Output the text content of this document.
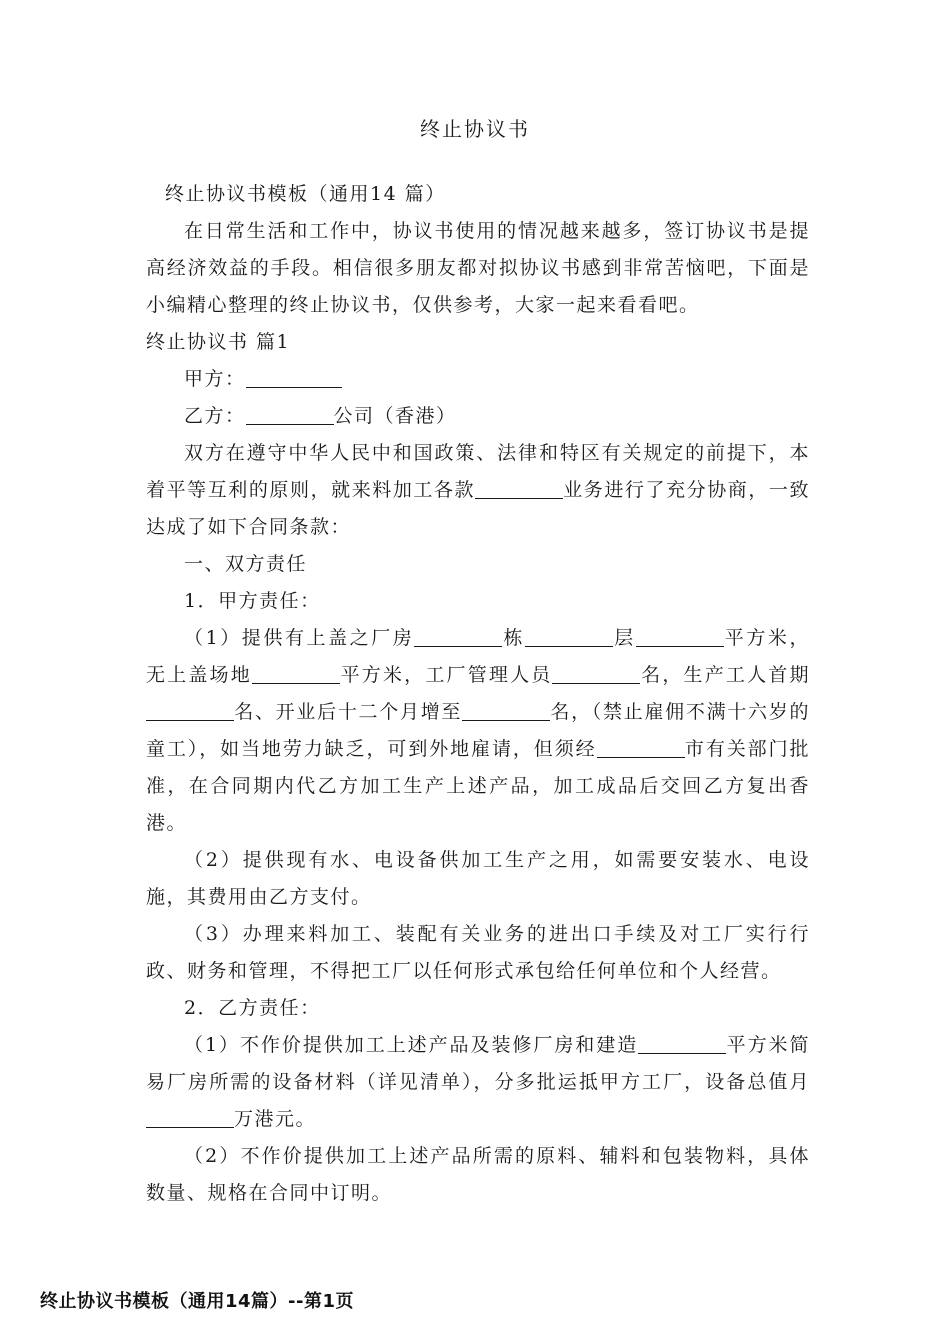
终止协议书

终止协议书模板（通用14 篇）

在日常生活和工作中，协议书使用的情况越来越多，签订协议书是提高经济效益的手段。相信很多朋友都对拟协议书感到非常苦恼吧，下面是小编精心整理的终止协议书，仅供参考，大家一起来看看吧。

终止协议书 篇1

甲方：

乙方：	公司（香港）

双方在遵守中华人民中和国政策、法律和特区有关规定的前提下，本着平等互利的原则，就来料加工各款	业务进行了充分协商，一致达成了如下合同条款：

一、双方责任

1．甲方责任：

（1）提供有上盖之厂房	栋	层	平方米，无上盖场地	平方米，工厂管理人员	名，生产工人首期名、开业后十二个月增至	名，（禁止雇佣不满十六岁的童工），如当地劳力缺乏，可到外地雇请，但须经	市有关部门批准，在合同期内代乙方加工生产上述产品，加工成品后交回乙方复出香港。

（2）提供现有水、电设备供加工生产之用，如需要安装水、电设施，其费用由乙方支付。

（3）办理来料加工、装配有关业务的进出口手续及对工厂实行行政、财务和管理，不得把工厂以任何形式承包给任何单位和个人经营。

2．乙方责任：

（1）不作价提供加工上述产品及装修厂房和建造	平方米简易厂房所需的设备材料（详见清单），分多批运抵甲方工厂，设备总值月万港元。

（2）不作价提供加工上述产品所需的原料、辅料和包装物料，具体数量、规格在合同中订明。

终止协议书模板（通用14篇）--第1页
